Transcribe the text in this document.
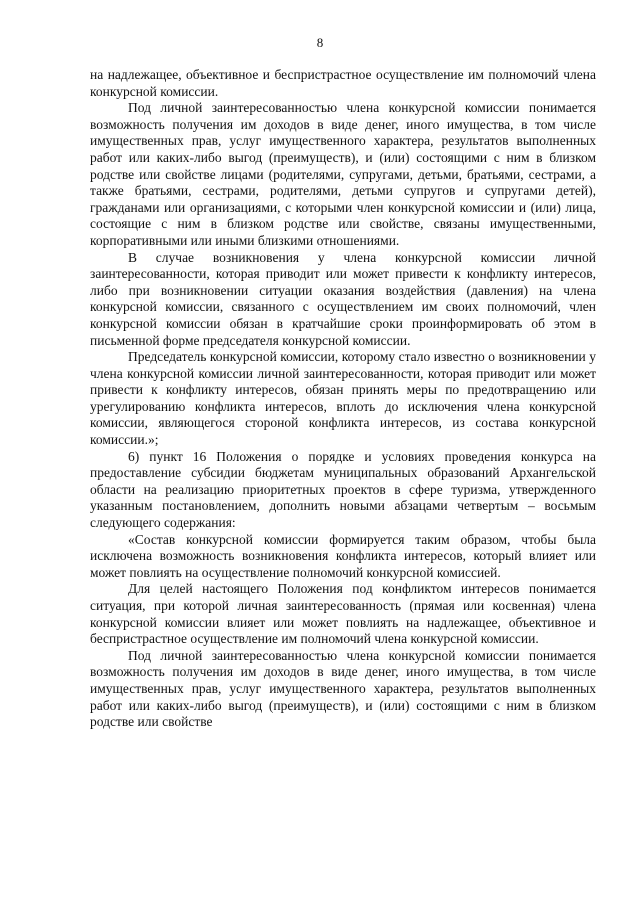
8

на надлежащее, объективное и беспристрастное осуществление им полномочий члена конкурсной комиссии.

Под личной заинтересованностью члена конкурсной комиссии понимается возможность получения им доходов в виде денег, иного имущества, в том числе имущественных прав, услуг имущественного характера, результатов выполненных работ или каких-либо выгод (преимуществ), и (или) состоящими с ним в близком родстве или свойстве лицами (родителями, супругами, детьми, братьями, сестрами, а также братьями, сестрами, родителями, детьми супругов и супругами детей), гражданами или организациями, с которыми член конкурсной комиссии и (или) лица, состоящие с ним в близком родстве или свойстве, связаны имущественными, корпоративными или иными близкими отношениями.

В случае возникновения у члена конкурсной комиссии личной заинтересованности, которая приводит или может привести к конфликту интересов, либо при возникновении ситуации оказания воздействия (давления) на члена конкурсной комиссии, связанного с осуществлением им своих полномочий, член конкурсной комиссии обязан в кратчайшие сроки проинформировать об этом в письменной форме председателя конкурсной комиссии.

Председатель конкурсной комиссии, которому стало известно о возникновении у члена конкурсной комиссии личной заинтересованности, которая приводит или может привести к конфликту интересов, обязан принять меры по предотвращению или урегулированию конфликта интересов, вплоть до исключения члена конкурсной комиссии, являющегося стороной конфликта интересов, из состава конкурсной комиссии.»;

6) пункт 16 Положения о порядке и условиях проведения конкурса на предоставление субсидии бюджетам муниципальных образований Архангельской области на реализацию приоритетных проектов в сфере туризма, утвержденного указанным постановлением, дополнить новыми абзацами четвертым – восьмым следующего содержания:

«Состав конкурсной комиссии формируется таким образом, чтобы была исключена возможность возникновения конфликта интересов, который влияет или может повлиять на осуществление полномочий конкурсной комиссией.

Для целей настоящего Положения под конфликтом интересов понимается ситуация, при которой личная заинтересованность (прямая или косвенная) члена конкурсной комиссии влияет или может повлиять на надлежащее, объективное и беспристрастное осуществление им полномочий члена конкурсной комиссии.

Под личной заинтересованностью члена конкурсной комиссии понимается возможность получения им доходов в виде денег, иного имущества, в том числе имущественных прав, услуг имущественного характера, результатов выполненных работ или каких-либо выгод (преимуществ), и (или) состоящими с ним в близком родстве или свойстве
